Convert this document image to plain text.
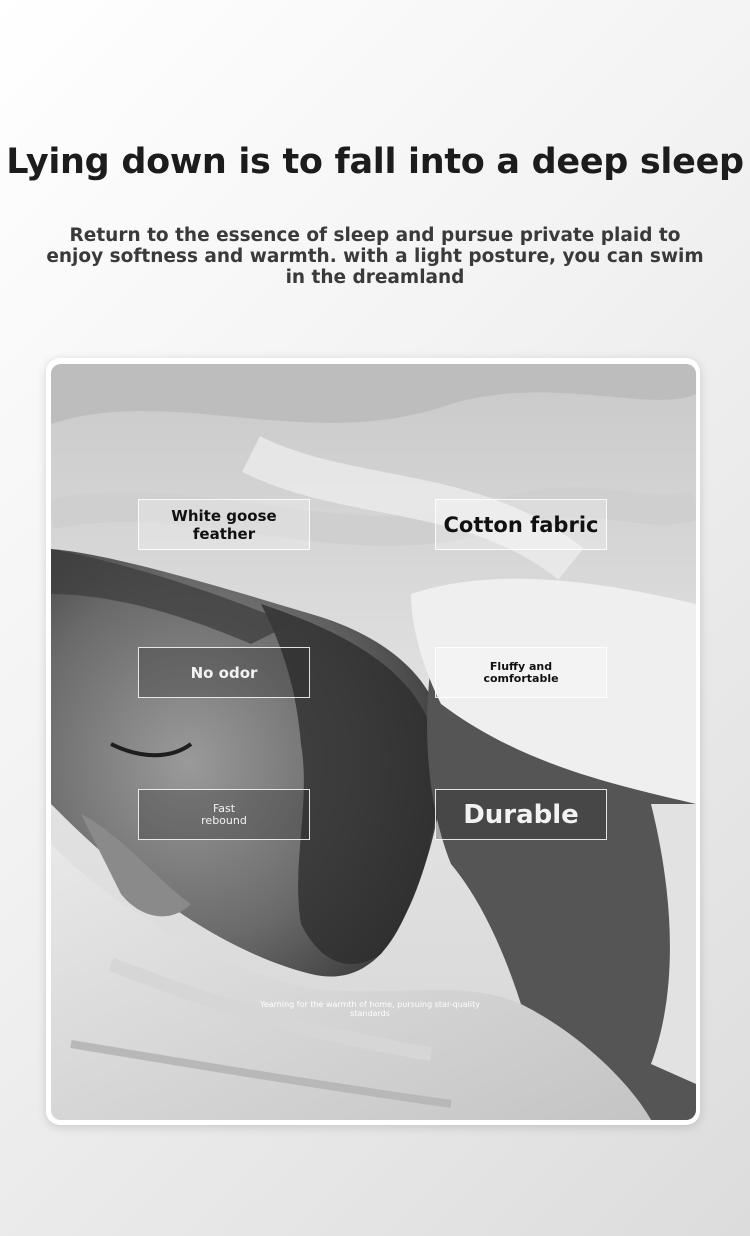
Lying down is to fall into a deep sleep
Return to the essence of sleep and pursue private plaid to enjoy softness and warmth. with a light posture, you can swim in the dreamland
White goose feather	Cotton fabric
No odor	Fluffy and comfortable
Fast rebound	Durable
Yearning for the warmth of home, pursuing star-quality standards
